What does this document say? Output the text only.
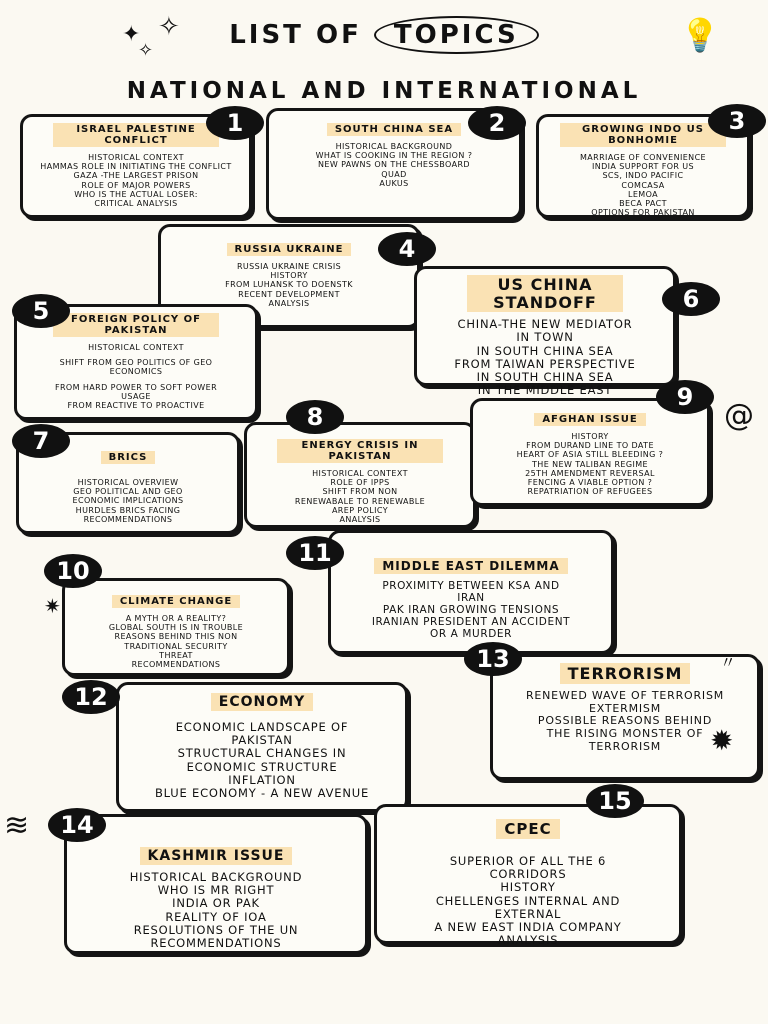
✦ ✧
✧	💡
LIST OF TOPICS
NATIONAL AND INTERNATIONAL
ISRAEL PALESTINE CONFLICT
HISTORICAL CONTEXT
HAMMAS ROLE IN INITIATING THE CONFLICT
GAZA -THE LARGEST PRISON
ROLE OF MAJOR POWERS
WHO IS THE ACTUAL LOSER:
CRITICAL ANALYSIS
1	SOUTH CHINA SEA
HISTORICAL BACKGROUND
WHAT IS COOKING IN THE REGION ?
NEW PAWNS ON THE CHESSBOARD
QUAD
AUKUS
2	GROWING INDO US BONHOMIE
MARRIAGE OF CONVENIENCE
INDIA SUPPORT FOR US
SCS, INDO PACIFIC
COMCASA
LEMOA
BECA PACT
OPTIONS FOR PAKISTAN
3
RUSSIA UKRAINE
RUSSIA UKRAINE CRISIS
HISTORY
FROM LUHANSK TO DOENSTK
RECENT DEVELOPMENT
ANALYSIS
4
FOREIGN POLICY OF PAKISTAN
HISTORICAL CONTEXT
SHIFT FROM GEO POLITICS OF GEO ECONOMICS
FROM HARD POWER TO SOFT POWER USAGE
FROM REACTIVE TO PROACTIVE
5
US CHINA STANDOFF
CHINA-THE NEW MEDIATOR
IN TOWN
IN SOUTH CHINA SEA
FROM TAIWAN PERSPECTIVE
IN SOUTH CHINA SEA
IN THE MIDDLE EAST
6
BRICS
HISTORICAL OVERVIEW
GEO POLITICAL AND GEO
ECONOMIC IMPLICATIONS
HURDLES BRICS FACING
RECOMMENDATIONS
7	ENERGY CRISIS IN PAKISTAN
HISTORICAL CONTEXT
ROLE OF IPPS
SHIFT FROM NON
RENEWABALE TO RENEWABLE
AREP POLICY
ANALYSIS
8	AFGHAN ISSUE
HISTORY
FROM DURAND LINE TO DATE
HEART OF ASIA STILL BLEEDING ?
THE NEW TALIBAN REGIME
25TH AMENDMENT REVERSAL
FENCING A VIABLE OPTION ?
REPATRIATION OF REFUGEES
9
@
CLIMATE CHANGE
A MYTH OR A REALITY?
GLOBAL SOUTH IS IN TROUBLE
REASONS BEHIND THIS NON
TRADITIONAL SECURITY
THREAT
RECOMMENDATIONS
10
✷
MIDDLE EAST DILEMMA
PROXIMITY BETWEEN KSA AND IRAN
PAK IRAN GROWING TENSIONS
IRANIAN PRESIDENT AN ACCIDENT OR A MURDER
11
ECONOMY
ECONOMIC LANDSCAPE OF PAKISTAN
STRUCTURAL CHANGES IN ECONOMIC STRUCTURE
INFLATION
BLUE ECONOMY - A NEW AVENUE
12
TERRORISM
RENEWED WAVE OF TERRORISM
EXTERMISM
POSSIBLE REASONS BEHIND
THE RISING MONSTER OF
TERRORISM
13
✹
〃
KASHMIR ISSUE
HISTORICAL BACKGROUND
WHO IS MR RIGHT
INDIA OR PAK
REALITY OF IOA
RESOLUTIONS OF THE UN
RECOMMENDATIONS
14
≋	CPEC
SUPERIOR OF ALL THE 6 CORRIDORS
HISTORY
CHELLENGES INTERNAL AND EXTERNAL
A NEW EAST INDIA COMPANY
ANALYSIS
15
